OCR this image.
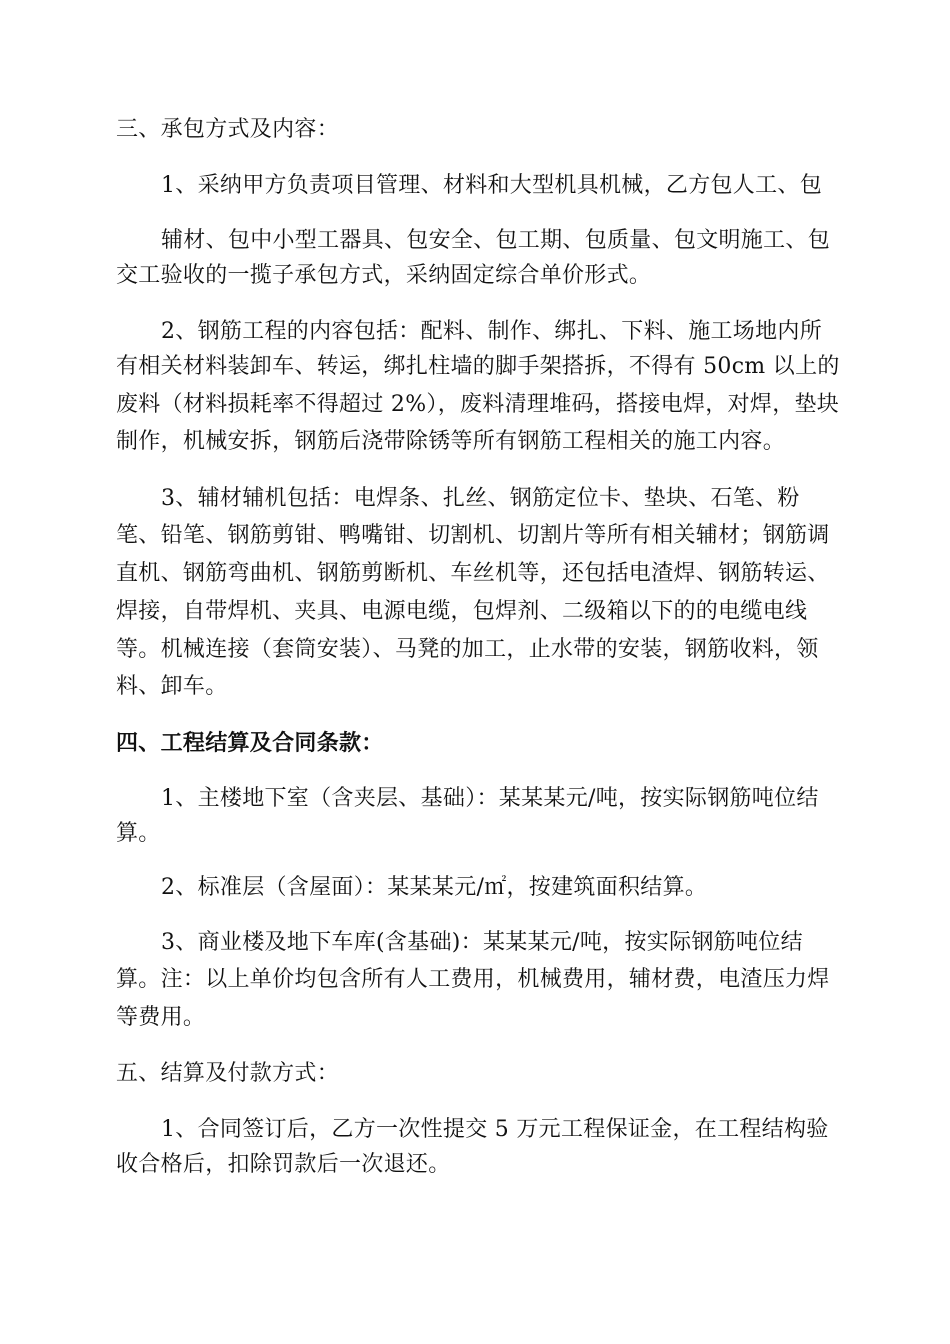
三、承包方式及内容：
1、采纳甲方负责项目管理、材料和大型机具机械，乙方包人工、包
辅材、包中小型工器具、包安全、包工期、包质量、包文明施工、包
交工验收的一揽子承包方式，采纳固定综合单价形式。
2、钢筋工程的内容包括：配料、制作、绑扎、下料、施工场地内所
有相关材料装卸车、转运，绑扎柱墙的脚手架搭拆，不得有 50cm 以上的
废料（材料损耗率不得超过 2%），废料清理堆码，搭接电焊，对焊，垫块
制作，机械安拆，钢筋后浇带除锈等所有钢筋工程相关的施工内容。
3、辅材辅机包括：电焊条、扎丝、钢筋定位卡、垫块、石笔、粉
笔、铅笔、钢筋剪钳、鸭嘴钳、切割机、切割片等所有相关辅材；钢筋调
直机、钢筋弯曲机、钢筋剪断机、车丝机等，还包括电渣焊、钢筋转运、
焊接，自带焊机、夹具、电源电缆，包焊剂、二级箱以下的的电缆电线
等。机械连接（套筒安装）、马凳的加工，止水带的安装，钢筋收料，领
料、卸车。
四、工程结算及合同条款：
1、主楼地下室（含夹层、基础）：某某某元/吨，按实际钢筋吨位结
算。
2、标准层（含屋面）：某某某元/㎡，按建筑面积结算。
3、商业楼及地下车库(含基础)：某某某元/吨，按实际钢筋吨位结
算。注：以上单价均包含所有人工费用，机械费用，辅材费，电渣压力焊
等费用。
五、结算及付款方式：
1、合同签订后，乙方一次性提交 5 万元工程保证金，在工程结构验
收合格后，扣除罚款后一次退还。
